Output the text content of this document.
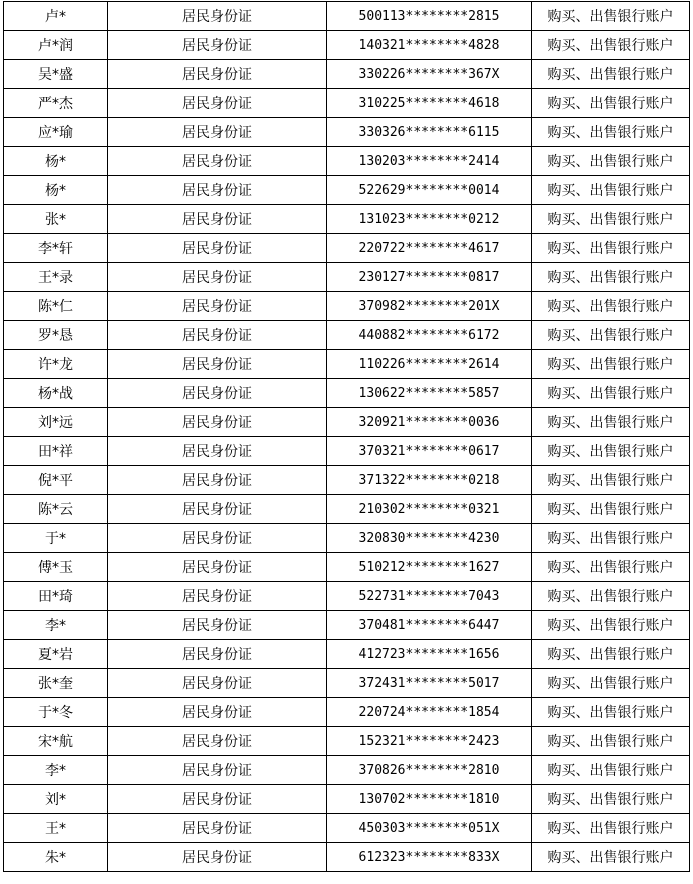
卢*	居民身份证	500113********2815	购买、出售银行账户
卢*润	居民身份证	140321********4828	购买、出售银行账户
吴*盛	居民身份证	330226********367X	购买、出售银行账户
严*杰	居民身份证	310225********4618	购买、出售银行账户
应*瑜	居民身份证	330326********6115	购买、出售银行账户
杨*	居民身份证	130203********2414	购买、出售银行账户
杨*	居民身份证	522629********0014	购买、出售银行账户
张*	居民身份证	131023********0212	购买、出售银行账户
李*轩	居民身份证	220722********4617	购买、出售银行账户
王*录	居民身份证	230127********0817	购买、出售银行账户
陈*仁	居民身份证	370982********201X	购买、出售银行账户
罗*恳	居民身份证	440882********6172	购买、出售银行账户
许*龙	居民身份证	110226********2614	购买、出售银行账户
杨*战	居民身份证	130622********5857	购买、出售银行账户
刘*远	居民身份证	320921********0036	购买、出售银行账户
田*祥	居民身份证	370321********0617	购买、出售银行账户
倪*平	居民身份证	371322********0218	购买、出售银行账户
陈*云	居民身份证	210302********0321	购买、出售银行账户
于*	居民身份证	320830********4230	购买、出售银行账户
傅*玉	居民身份证	510212********1627	购买、出售银行账户
田*琦	居民身份证	522731********7043	购买、出售银行账户
李*	居民身份证	370481********6447	购买、出售银行账户
夏*岩	居民身份证	412723********1656	购买、出售银行账户
张*奎	居民身份证	372431********5017	购买、出售银行账户
于*冬	居民身份证	220724********1854	购买、出售银行账户
宋*航	居民身份证	152321********2423	购买、出售银行账户
李*	居民身份证	370826********2810	购买、出售银行账户
刘*	居民身份证	130702********1810	购买、出售银行账户
王*	居民身份证	450303********051X	购买、出售银行账户
朱*	居民身份证	612323********833X	购买、出售银行账户
